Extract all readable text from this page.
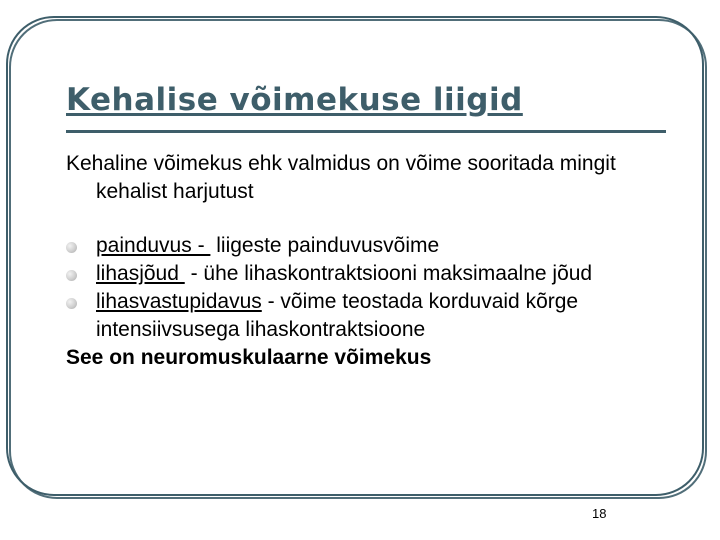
Kehalise võimekuse liigid

Kehaline võimekus ehk valmidus on võime sooritada mingit kehalist harjutust

painduvus -  liigeste painduvusvõime
lihasjõud  - ühe lihaskontraktsiooni maksimaalne jõud
lihasvastupidavus - võime teostada korduvaid kõrge intensiivsusega lihaskontraktsioone

See on neuromuskulaarne võimekus

18
